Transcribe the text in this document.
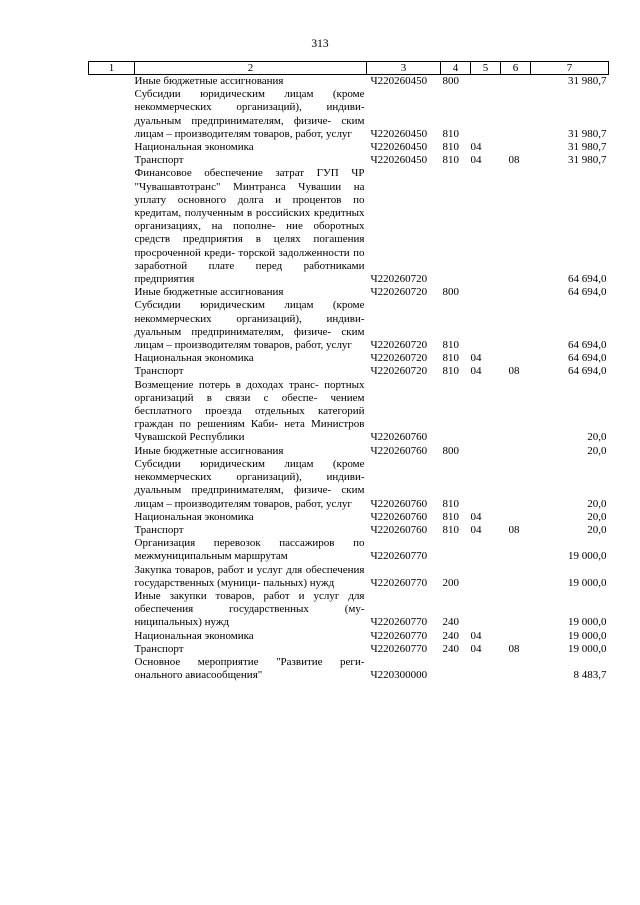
313
1	2	3	4	5	6	7
	Иные бюджетные ассигнования	Ч220260450	800			31 980,7
	Субсидии юридическим лицам (кроме некоммерческих организаций), индиви- дуальным предпринимателям, физиче- ским лицам – производителям товаров, работ, услуг	Ч220260450	810			31 980,7
	Национальная экономика	Ч220260450	810	04		31 980,7
	Транспорт	Ч220260450	810	04	08	31 980,7
	Финансовое обеспечение затрат ГУП ЧР "Чувашавтотранс" Минтранса Чувашии на уплату основного долга и процентов по кредитам, полученным в российских кредитных организациях, на пополне- ние оборотных средств предприятия в целях погашения просроченной креди- торской задолженности по заработной плате перед работниками предприятия	Ч220260720				64 694,0
	Иные бюджетные ассигнования	Ч220260720	800			64 694,0
	Субсидии юридическим лицам (кроме некоммерческих организаций), индиви- дуальным предпринимателям, физиче- ским лицам – производителям товаров, работ, услуг	Ч220260720	810			64 694,0
	Национальная экономика	Ч220260720	810	04		64 694,0
	Транспорт	Ч220260720	810	04	08	64 694,0
	Возмещение потерь в доходах транс- портных организаций в связи с обеспе- чением бесплатного проезда отдельных категорий граждан по решениям Каби- нета Министров Чувашской Республики	Ч220260760				20,0
	Иные бюджетные ассигнования	Ч220260760	800			20,0
	Субсидии юридическим лицам (кроме некоммерческих организаций), индиви- дуальным предпринимателям, физиче- ским лицам – производителям товаров, работ, услуг	Ч220260760	810			20,0
	Национальная экономика	Ч220260760	810	04		20,0
	Транспорт	Ч220260760	810	04	08	20,0
	Организация перевозок пассажиров по межмуниципальным маршрутам	Ч220260770				19 000,0
	Закупка товаров, работ и услуг для обеспечения государственных (муници- пальных) нужд	Ч220260770	200			19 000,0
	Иные закупки товаров, работ и услуг для обеспечения государственных (му- ниципальных) нужд	Ч220260770	240			19 000,0
	Национальная экономика	Ч220260770	240	04		19 000,0
	Транспорт	Ч220260770	240	04	08	19 000,0
	Основное мероприятие "Развитие реги- онального авиасообщения"	Ч220300000				8 483,7
